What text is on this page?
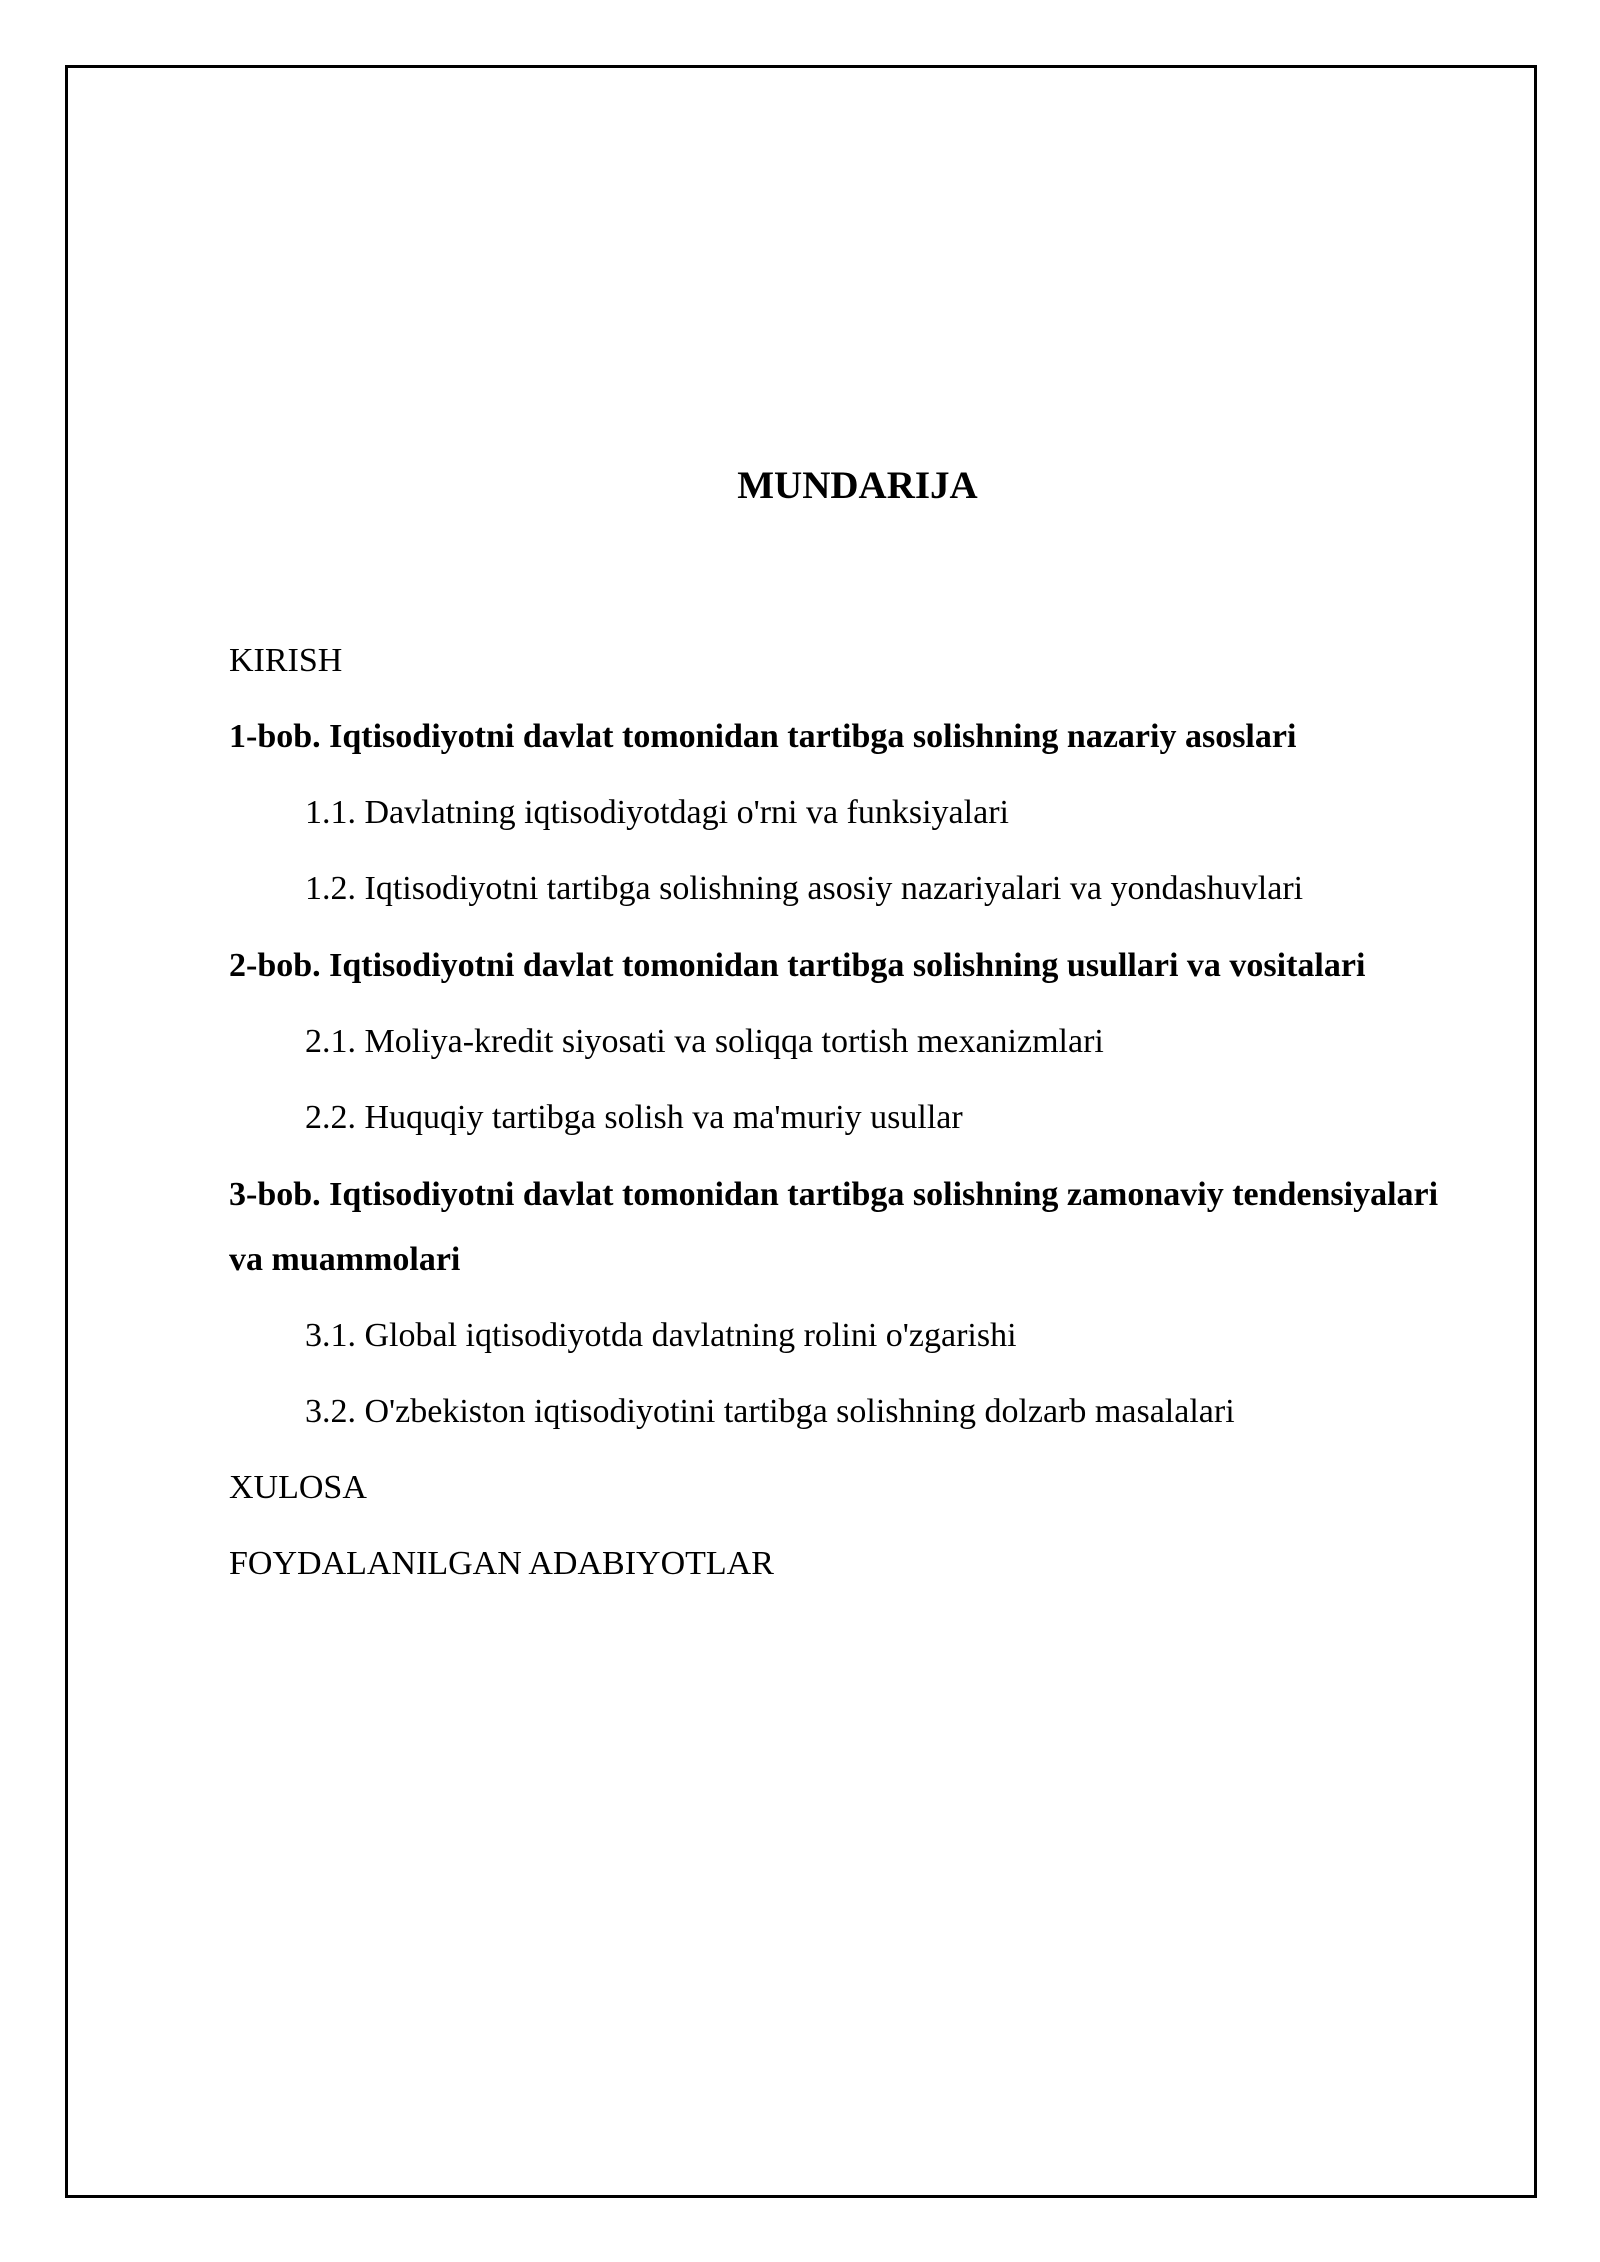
MUNDARIJA
KIRISH
1-bob. Iqtisodiyotni davlat tomonidan tartibga solishning nazariy asoslari
1.1. Davlatning iqtisodiyotdagi o'rni va funksiyalari
1.2. Iqtisodiyotni tartibga solishning asosiy nazariyalari va yondashuvlari
2-bob. Iqtisodiyotni davlat tomonidan tartibga solishning usullari va vositalari
2.1. Moliya-kredit siyosati va soliqqa tortish mexanizmlari
2.2. Huquqiy tartibga solish va ma'muriy usullar
3-bob. Iqtisodiyotni davlat tomonidan tartibga solishning zamonaviy tendensiyalari va muammolari
3.1. Global iqtisodiyotda davlatning rolini o'zgarishi
3.2. O'zbekiston iqtisodiyotini tartibga solishning dolzarb masalalari
XULOSA
FOYDALANILGAN ADABIYOTLAR
